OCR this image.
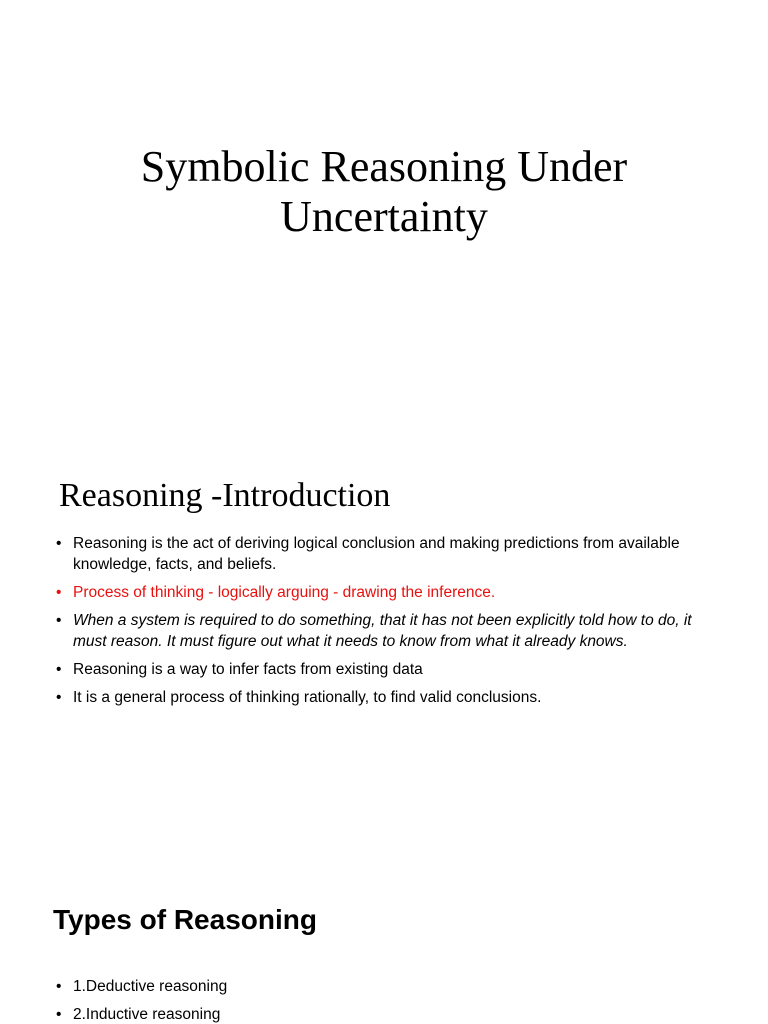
Symbolic Reasoning Under
Uncertainty
Reasoning -Introduction
• Reasoning is the act of deriving logical conclusion and making predictions from available knowledge, facts, and beliefs.
• Process of thinking - logically arguing - drawing the inference.
• When a system is required to do something, that it has not been explicitly told how to do, it must reason. It must figure out what it needs to know from what it already knows.
• Reasoning is a way to infer facts from existing data
• It is a general process of thinking rationally, to find valid conclusions.
Types of Reasoning
• 1.Deductive reasoning
• 2.Inductive reasoning
